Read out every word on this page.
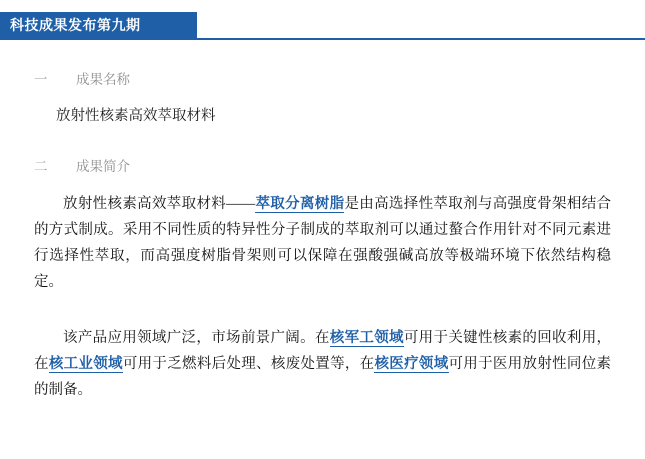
科技成果发布第九期
一	成果名称
放射性核素高效萃取材料
二	成果简介
放射性核素高效萃取材料——萃取分离树脂是由高选择性萃取剂与高强度骨架相结合的方式制成。采用不同性质的特异性分子制成的萃取剂可以通过螯合作用针对不同元素进行选择性萃取，而高强度树脂骨架则可以保障在强酸强碱高放等极端环境下依然结构稳定。
该产品应用领域广泛，市场前景广阔。在核军工领域可用于关键性核素的回收利用，在核工业领域可用于乏燃料后处理、核废处置等，在核医疗领域可用于医用放射性同位素的制备。
